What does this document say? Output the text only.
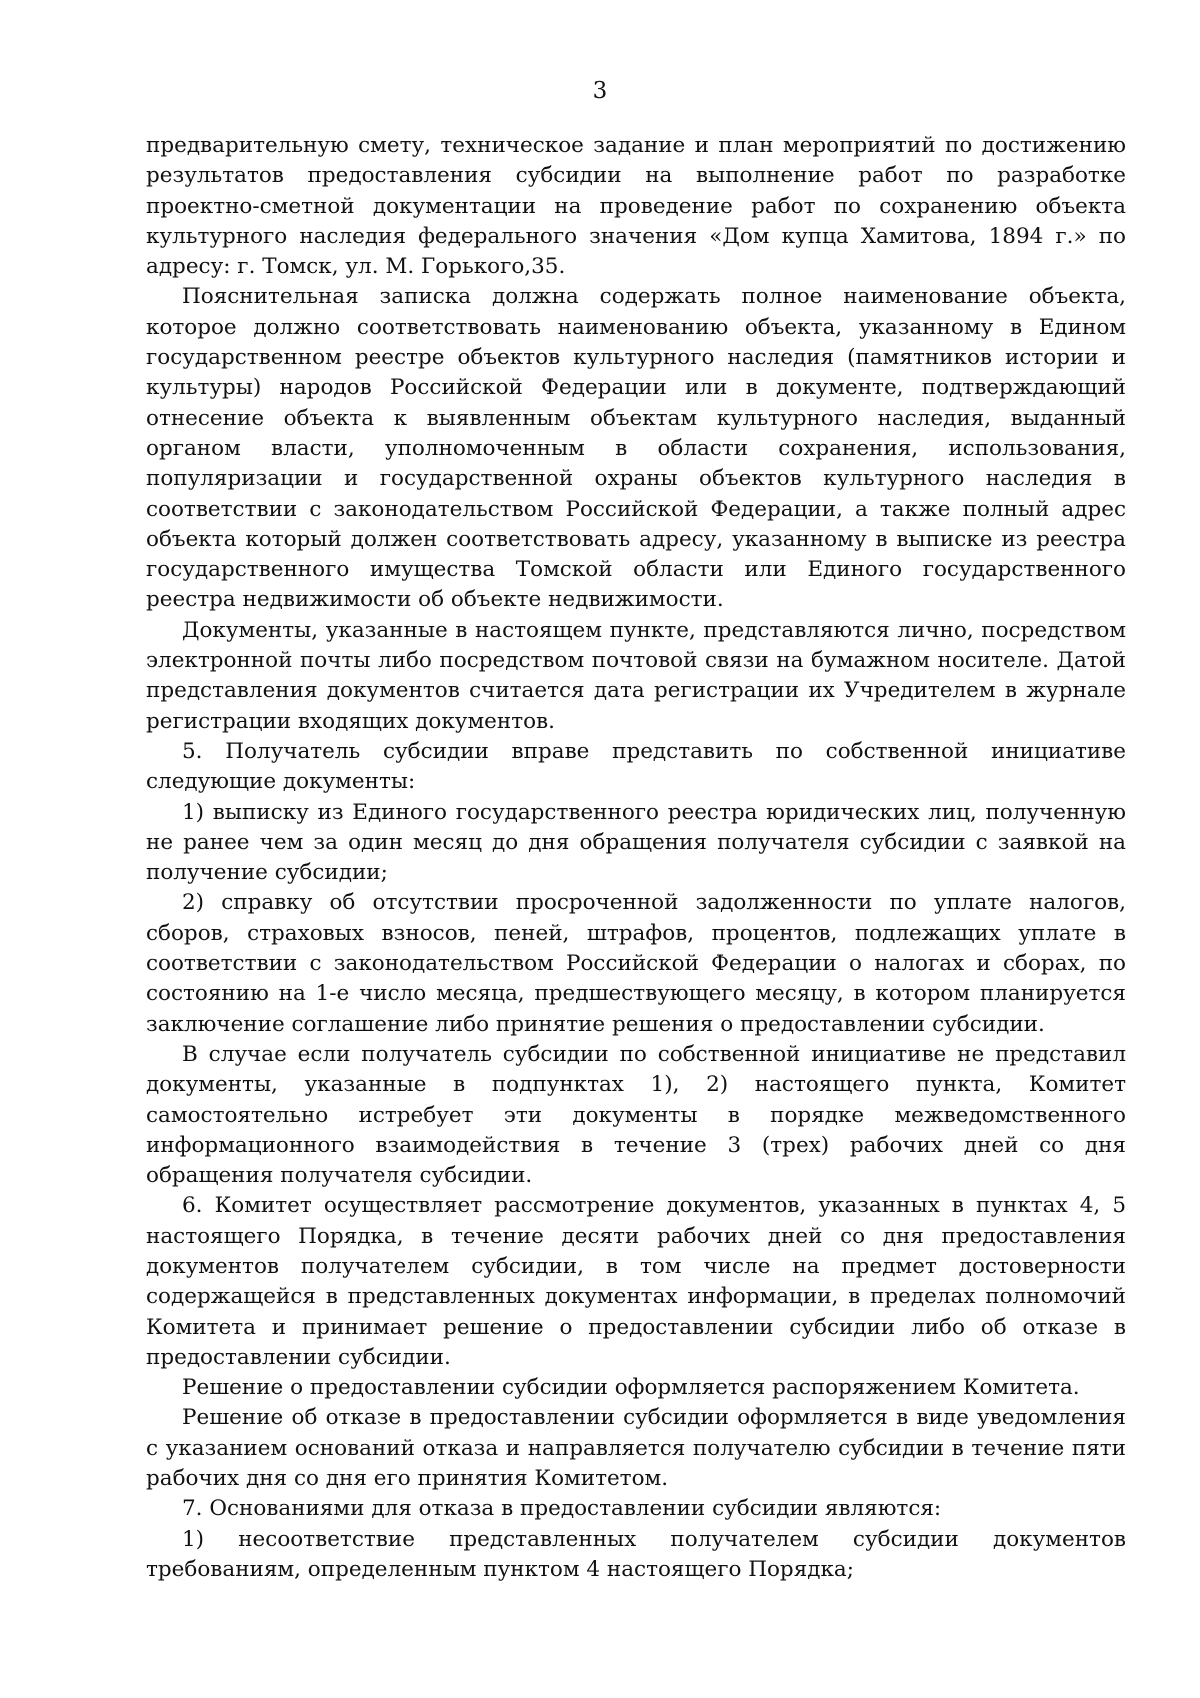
3

предварительную смету, техническое задание и план мероприятий по достижению результатов предоставления субсидии на выполнение работ по разработке проектно-сметной документации на проведение работ по сохранению объекта культурного наследия федерального значения «Дом купца Хамитова, 1894 г.» по адресу: г. Томск, ул. М. Горького,35.

Пояснительная записка должна содержать полное наименование объекта, которое должно соответствовать наименованию объекта, указанному в Едином государственном реестре объектов культурного наследия (памятников истории и культуры) народов Российской Федерации или в документе, подтверждающий отнесение объекта к выявленным объектам культурного наследия, выданный органом власти, уполномоченным в области сохранения, использования, популяризации и государственной охраны объектов культурного наследия в соответствии с законодательством Российской Федерации, а также полный адрес объекта который должен соответствовать адресу, указанному в выписке из реестра государственного имущества Томской области или Единого государственного реестра недвижимости об объекте недвижимости.

Документы, указанные в настоящем пункте, представляются лично, посредством электронной почты либо посредством почтовой связи на бумажном носителе. Датой представления документов считается дата регистрации их Учредителем в журнале регистрации входящих документов.

5. Получатель субсидии вправе представить по собственной инициативе следующие документы:

1) выписку из Единого государственного реестра юридических лиц, полученную не ранее чем за один месяц до дня обращения получателя субсидии с заявкой на получение субсидии;

2) справку об отсутствии просроченной задолженности по уплате налогов, сборов, страховых взносов, пеней, штрафов, процентов, подлежащих уплате в соответствии с законодательством Российской Федерации о налогах и сборах, по состоянию на 1-е число месяца, предшествующего месяцу, в котором планируется заключение соглашение либо принятие решения о предоставлении субсидии.

В случае если получатель субсидии по собственной инициативе не представил документы, указанные в подпунктах 1), 2) настоящего пункта, Комитет самостоятельно истребует эти документы в порядке межведомственного информационного взаимодействия в течение 3 (трех) рабочих дней со дня обращения получателя субсидии.

6. Комитет осуществляет рассмотрение документов, указанных в пунктах 4, 5 настоящего Порядка, в течение десяти рабочих дней со дня предоставления документов получателем субсидии, в том числе на предмет достоверности содержащейся в представленных документах информации, в пределах полномочий Комитета и принимает решение о предоставлении субсидии либо об отказе в предоставлении субсидии.

Решение о предоставлении субсидии оформляется распоряжением Комитета.

Решение об отказе в предоставлении субсидии оформляется в виде уведомления с указанием оснований отказа и направляется получателю субсидии в течение пяти рабочих дня со дня его принятия Комитетом.

7. Основаниями для отказа в предоставлении субсидии являются:

1) несоответствие представленных получателем субсидии документов требованиям, определенным пунктом 4 настоящего Порядка;
